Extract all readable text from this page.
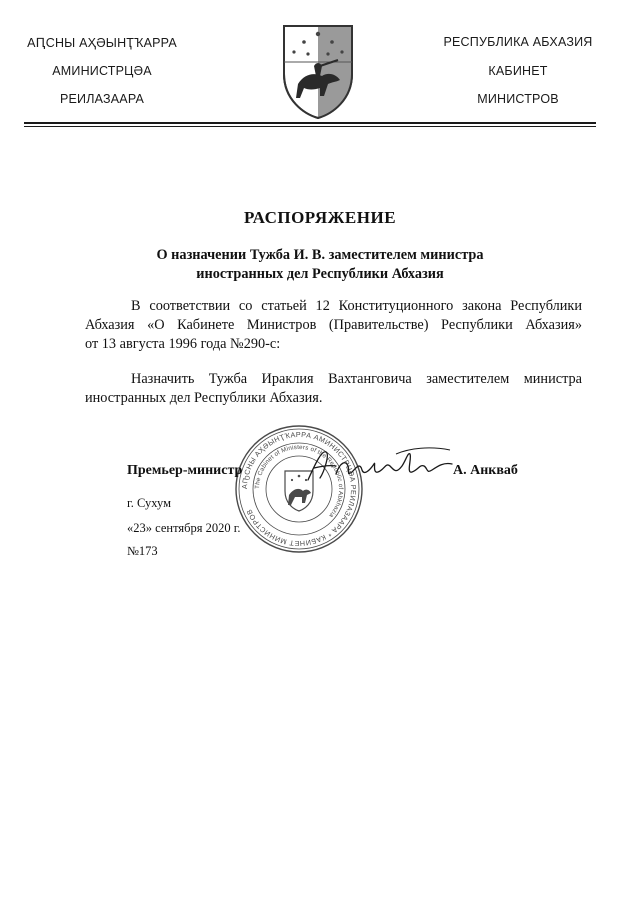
АԤСНЫ АҲӘЫНҬҠАРРА
АМИНИСТРЦӘА
РЕИЛАЗААРА
РЕСПУБЛИКА АБХАЗИЯ
КАБИНЕТ
МИНИСТРОВ
РАСПОРЯЖЕНИЕ
О назначении Тужба И. В. заместителем министра
иностранных дел Республики Абхазия

В соответствии со статьей 12 Конституционного закона Республики

Абхазия «О Кабинете Министров (Правительстве) Республики Абхазия»

от 13 августа 1996 года №290-с:

Назначить Тужба Ираклия Вахтанговича заместителем министра

иностранных дел Республики Абхазия.

АҦСНЫ АҲӘЫНҬҠАРРА АМИНИСТРЦӘА РЕИЛАЗААРА * КАБИНЕТ МИНИСТРОВ
The Cabinet of Ministers of the Republic of Abkhazia
Премьер-министр	А. Анкваб
г. Сухум
«23» сентября 2020 г.
№173
